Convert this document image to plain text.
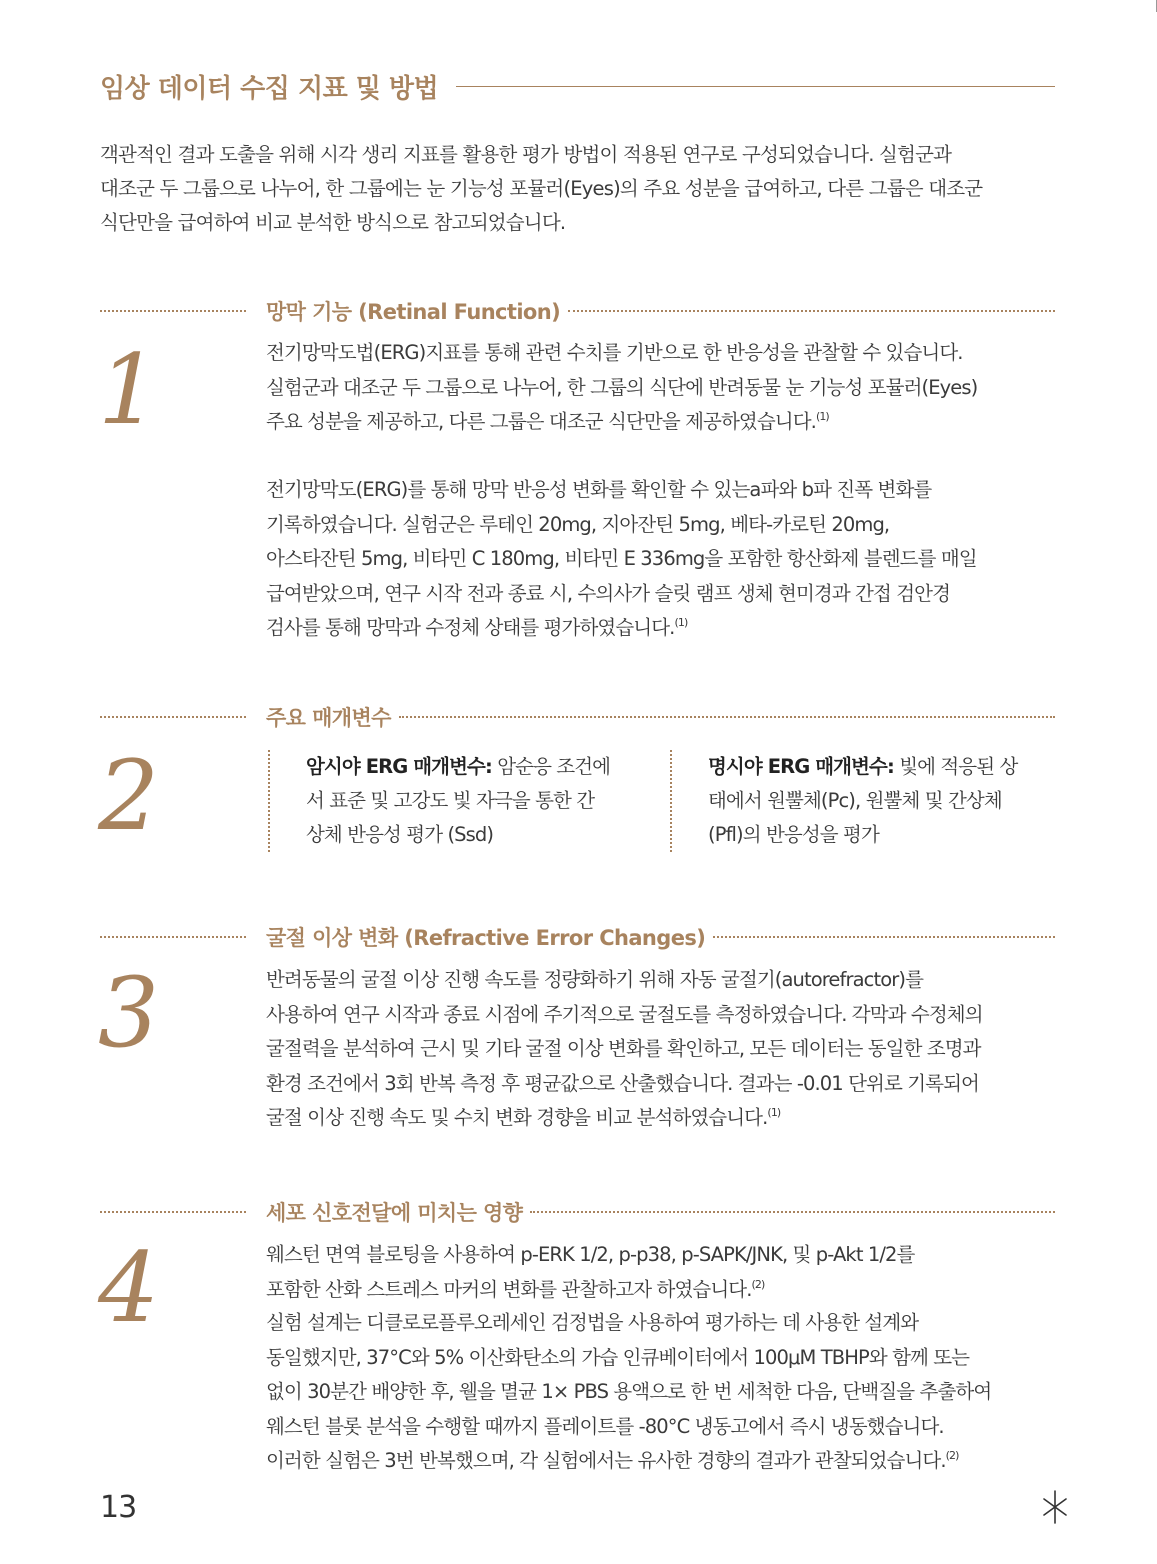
임상 데이터 수집 지표 및 방법
객관적인 결과 도출을 위해 시각 생리 지표를 활용한 평가 방법이 적용된 연구로 구성되었습니다. 실험군과
대조군 두 그룹으로 나누어, 한 그룹에는 눈 기능성 포뮬러(Eyes)의 주요 성분을 급여하고, 다른 그룹은 대조군
식단만을 급여하여 비교 분석한 방식으로 참고되었습니다.
망막 기능 (Retinal Function)
1	전기망막도법(ERG)지표를 통해 관련 수치를 기반으로 한 반응성을 관찰할 수 있습니다.
실험군과 대조군 두 그룹으로 나누어, 한 그룹의 식단에 반려동물 눈 기능성 포뮬러(Eyes)
주요 성분을 제공하고, 다른 그룹은 대조군 식단만을 제공하였습니다.$^{(1)}$
전기망막도(ERG)를 통해 망막 반응성 변화를 확인할 수 있는a파와 b파 진폭 변화를
기록하였습니다. 실험군은 루테인 20mg, 지아잔틴 5mg, 베타-카로틴 20mg,
아스타잔틴 5mg, 비타민 C 180mg, 비타민 E 336mg을 포함한 항산화제 블렌드를 매일
급여받았으며, 연구 시작 전과 종료 시, 수의사가 슬릿 램프 생체 현미경과 간접 검안경
검사를 통해 망막과 수정체 상태를 평가하였습니다.$^{(1)}$
주요 매개변수
2	암시야 ERG 매개변수: 암순응 조건에
서 표준 및 고강도 빛 자극을 통한 간
상체 반응성 평가 (Ssd)
명시야 ERG 매개변수: 빛에 적응된 상
태에서 원뿔체(Pc), 원뿔체 및 간상체
(Pfl)의 반응성을 평가
굴절 이상 변화 (Refractive Error Changes)
3	반려동물의 굴절 이상 진행 속도를 정량화하기 위해 자동 굴절기(autorefractor)를
사용하여 연구 시작과 종료 시점에 주기적으로 굴절도를 측정하였습니다. 각막과 수정체의
굴절력을 분석하여 근시 및 기타 굴절 이상 변화를 확인하고, 모든 데이터는 동일한 조명과
환경 조건에서 3회 반복 측정 후 평균값으로 산출했습니다. 결과는 -0.01 단위로 기록되어
굴절 이상 진행 속도 및 수치 변화 경향을 비교 분석하였습니다.$^{(1)}$
세포 신호전달에 미치는 영향
4	웨스턴 면역 블로팅을 사용하여 p-ERK 1/2, p-p38, p-SAPK/JNK, 및 p-Akt 1/2를
포함한 산화 스트레스 마커의 변화를 관찰하고자 하였습니다.$^{(2)}$
실험 설계는 디클로로플루오레세인 검정법을 사용하여 평가하는 데 사용한 설계와
동일했지만, 37°C와 5% 이산화탄소의 가습 인큐베이터에서 100μM TBHP와 함께 또는
없이 30분간 배양한 후, 웰을 멸균 1× PBS 용액으로 한 번 세척한 다음, 단백질을 추출하여
웨스턴 블롯 분석을 수행할 때까지 플레이트를 -80°C 냉동고에서 즉시 냉동했습니다.
이러한 실험은 3번 반복했으며, 각 실험에서는 유사한 경향의 결과가 관찰되었습니다.$^{(2)}$
13
